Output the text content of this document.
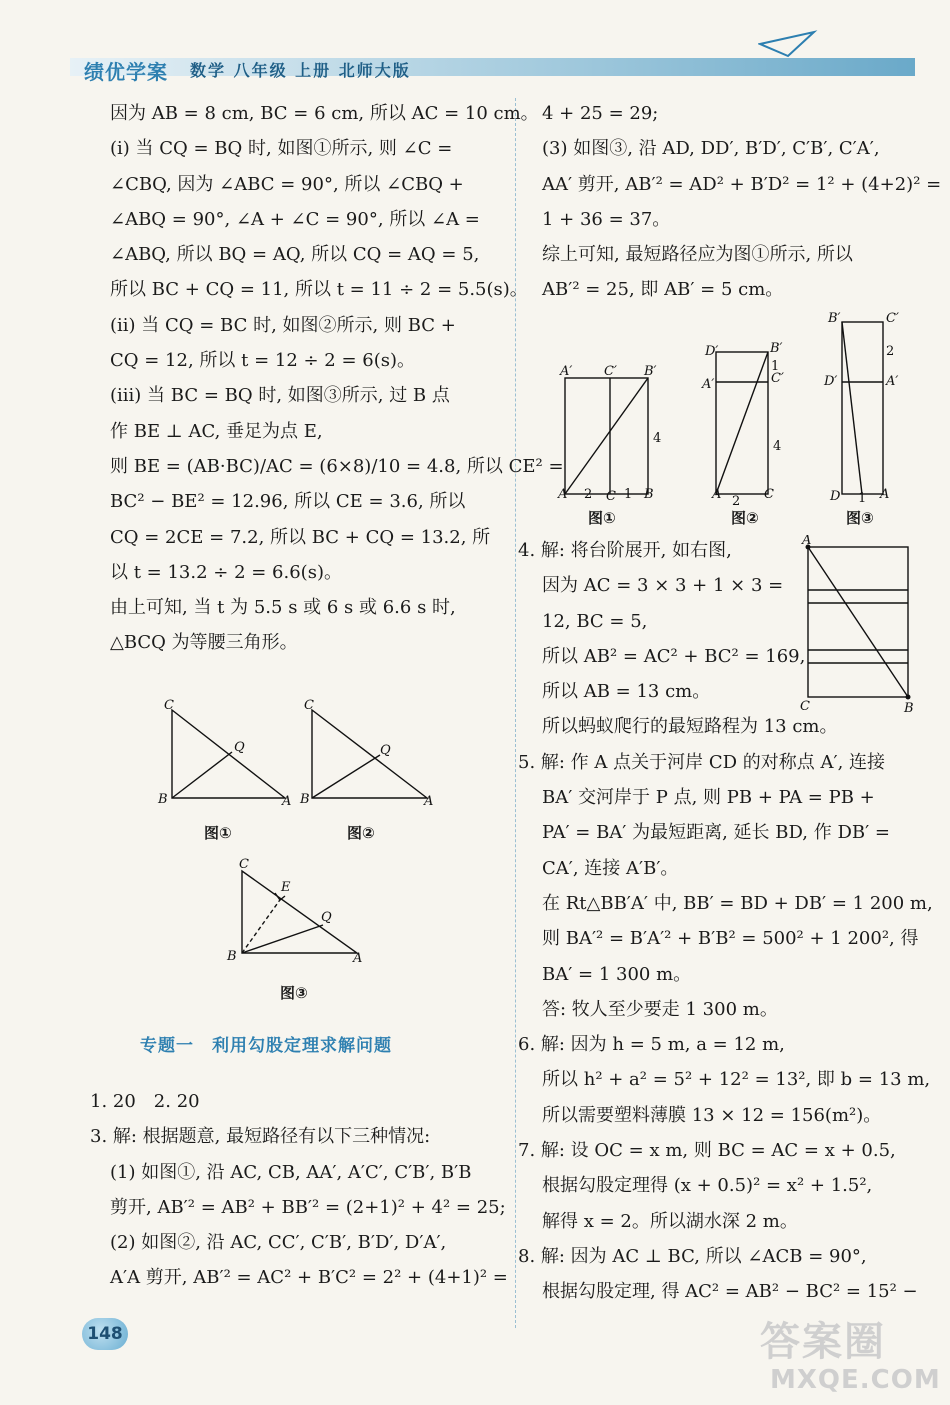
绩优学案 数学 八年级 上册 北师大版
因为 AB = 8 cm, BC = 6 cm, 所以 AC = 10 cm。
(ⅰ) 当 CQ = BQ 时, 如图①所示, 则 ∠C =
∠CBQ, 因为 ∠ABC = 90°, 所以 ∠CBQ +
∠ABQ = 90°, ∠A + ∠C = 90°, 所以 ∠A =
∠ABQ, 所以 BQ = AQ, 所以 CQ = AQ = 5,
所以 BC + CQ = 11, 所以 t = 11 ÷ 2 = 5.5(s)。
(ⅱ) 当 CQ = BC 时, 如图②所示, 则 BC +
CQ = 12, 所以 t = 12 ÷ 2 = 6(s)。
(ⅲ) 当 BC = BQ 时, 如图③所示, 过 B 点
作 BE ⊥ AC, 垂足为点 E,
则 BE = (AB·BC)/AC = (6×8)/10 = 4.8, 所以 CE² =
BC² − BE² = 12.96, 所以 CE = 3.6, 所以
CQ = 2CE = 7.2, 所以 BC + CQ = 13.2, 所
以 t = 13.2 ÷ 2 = 6.6(s)。
由上可知, 当 t 为 5.5 s 或 6 s 或 6.6 s 时,
△BCQ 为等腰三角形。
C
Q
B	A
C
Q
B	A
图①	图②
C
E
Q
B	A
图③
专题一　利用勾股定理求解问题
1. 20　2. 20
3. 解: 根据题意, 最短路径有以下三种情况:
(1) 如图①, 沿 AC, CB, AA′, A′C′, C′B′, B′B
剪开, AB′² = AB² + BB′² = (2+1)² + 4² = 25;
(2) 如图②, 沿 AC, CC′, C′B′, B′D′, D′A′,
A′A 剪开, AB′² = AC² + B′C² = 2² + (4+1)² =
4 + 25 = 29;
(3) 如图③, 沿 AD, DD′, B′D′, C′B′, C′A′,
AA′ 剪开, AB′² = AD² + B′D² = 1² + (4+2)² =
1 + 36 = 37。
综上可知, 最短路径应为图①所示, 所以
AB′² = 25, 即 AB′ = 5 cm。
A′ C′ B′
4
A 2 C 1 B
D′	B′
1
C′
A′
4
A 2 C
B′	C′
2
D′	A′
D 1 A
图①	图②	图③
A
C	B
4. 解: 将台阶展开, 如右图,
因为 AC = 3 × 3 + 1 × 3 =
12, BC = 5,
所以 AB² = AC² + BC² = 169,
所以 AB = 13 cm。
所以蚂蚁爬行的最短路程为 13 cm。
5. 解: 作 A 点关于河岸 CD 的对称点 A′, 连接
BA′ 交河岸于 P 点, 则 PB + PA = PB +
PA′ = BA′ 为最短距离, 延长 BD, 作 DB′ =
CA′, 连接 A′B′。
在 Rt△BB′A′ 中, BB′ = BD + DB′ = 1 200 m,
则 BA′² = B′A′² + B′B² = 500² + 1 200², 得
BA′ = 1 300 m。
答: 牧人至少要走 1 300 m。
6. 解: 因为 h = 5 m, a = 12 m,
所以 h² + a² = 5² + 12² = 13², 即 b = 13 m,
所以需要塑料薄膜 13 × 12 = 156(m²)。
7. 解: 设 OC = x m, 则 BC = AC = x + 0.5,
根据勾股定理得 (x + 0.5)² = x² + 1.5²,
解得 x = 2。所以湖水深 2 m。
8. 解: 因为 AC ⊥ BC, 所以 ∠ACB = 90°,
根据勾股定理, 得 AC² = AB² − BC² = 15² −
148	答案圈
MXQE.COM
